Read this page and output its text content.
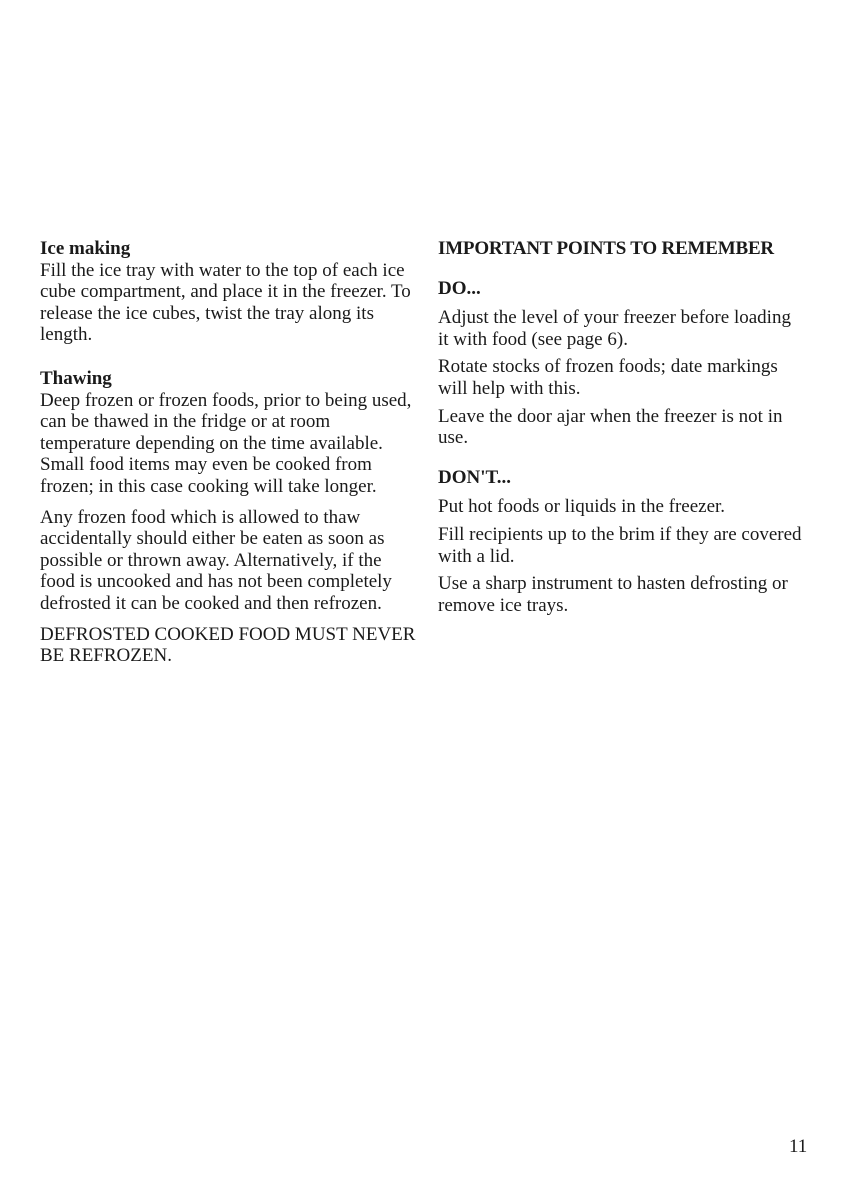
Ice making

Fill the ice tray with water to the top of each ice cube compartment, and place it in the freezer. To release the ice cubes, twist the tray along its length.

Thawing

Deep frozen or frozen foods, prior to being used, can be thawed in the fridge or at room temperature depending on the time available. Small food items may even be cooked from frozen; in this case cooking will take longer.

Any frozen food which is allowed to thaw accidentally should either be eaten as soon as possible or thrown away. Alternatively, if the food is uncooked and has not been completely defrosted it can be cooked and then refrozen.

DEFROSTED COOKED FOOD MUST NEVER BE REFROZEN.

IMPORTANT POINTS TO REMEMBER

DO...

Adjust the level of your freezer before loading it with food (see page 6).

Rotate stocks of frozen foods; date markings will help with this.

Leave the door ajar when the freezer is not in use.

DON'T...

Put hot foods or liquids in the freezer.

Fill recipients up to the brim if they are covered with a lid.

Use a sharp instrument to hasten defrosting or remove ice trays.

11
